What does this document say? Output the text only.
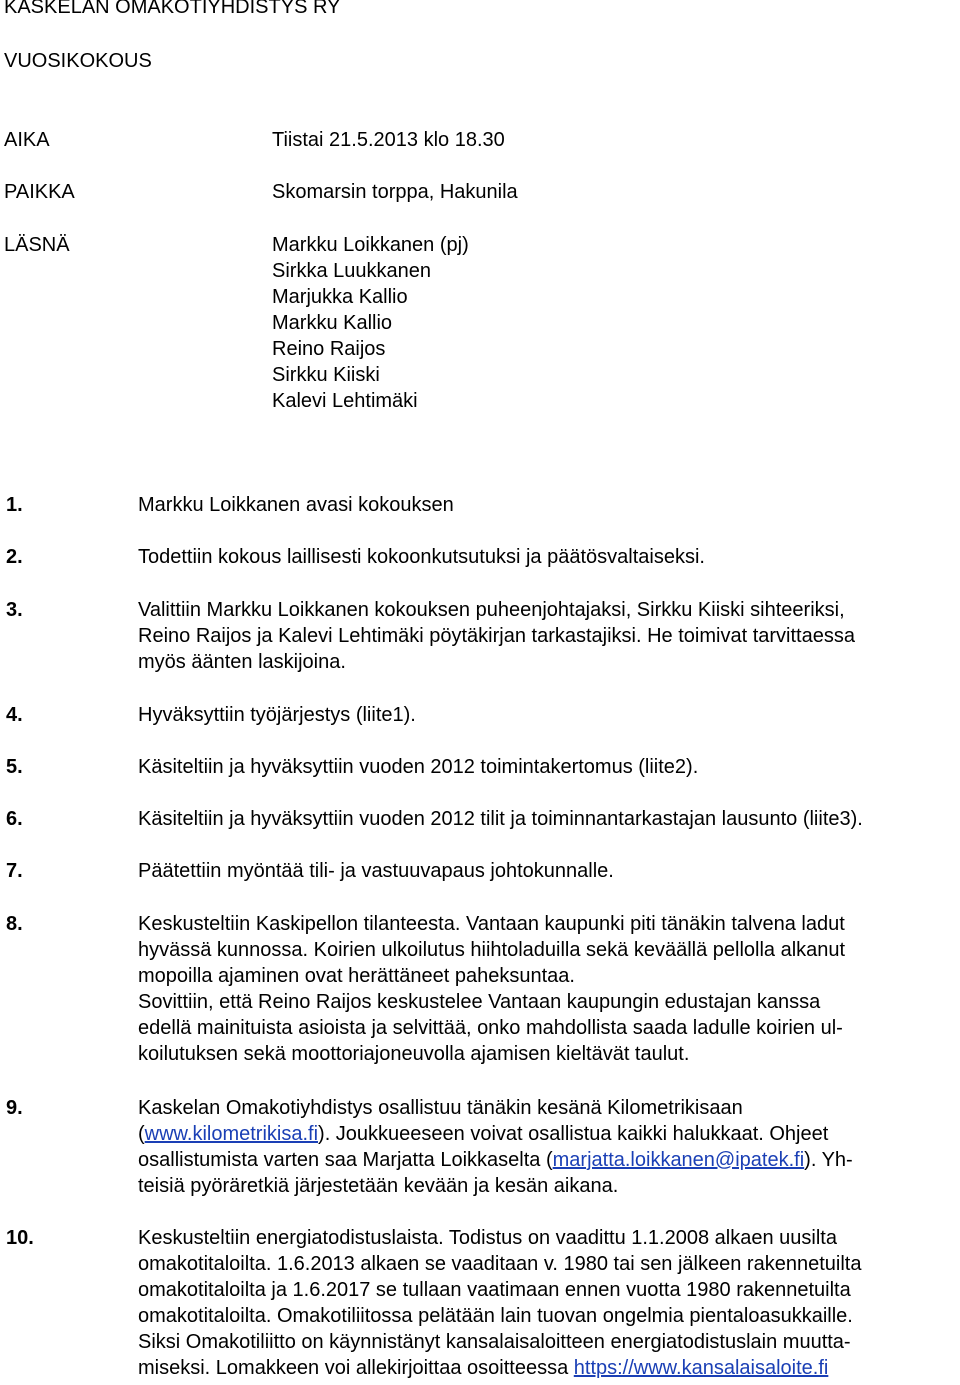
KASKELAN OMAKOTIYHDISTYS RY
VUOSIKOKOUS
AIKA	Tiistai 21.5.2013 klo 18.30
PAIKKA	Skomarsin torppa, Hakunila
LÄSNÄ	Markku Loikkanen (pj)
Sirkka Luukkanen
Marjukka Kallio
Markku Kallio
Reino Raijos
Sirkku Kiiski
Kalevi Lehtimäki
1.	Markku Loikkanen avasi kokouksen
2.	Todettiin kokous laillisesti kokoonkutsutuksi ja päätösvaltaiseksi.
3.	Valittiin Markku Loikkanen kokouksen puheenjohtajaksi, Sirkku Kiiski sihteeriksi,
Reino Raijos ja Kalevi Lehtimäki pöytäkirjan tarkastajiksi. He toimivat tarvittaessa
myös äänten laskijoina.
4.	Hyväksyttiin työjärjestys (liite1).
5.	Käsiteltiin ja hyväksyttiin vuoden 2012 toimintakertomus (liite2).
6.	Käsiteltiin ja hyväksyttiin vuoden 2012 tilit ja toiminnantarkastajan lausunto (liite3).
7.	Päätettiin myöntää tili- ja vastuuvapaus johtokunnalle.
8.	Keskusteltiin Kaskipellon tilanteesta. Vantaan kaupunki piti tänäkin talvena ladut
hyvässä kunnossa. Koirien ulkoilutus hiihtoladuilla sekä keväällä pellolla alkanut
mopoilla ajaminen ovat herättäneet paheksuntaa.
Sovittiin, että Reino Raijos keskustelee Vantaan kaupungin edustajan kanssa
edellä mainituista asioista ja selvittää, onko mahdollista saada ladulle koirien ul-
koilutuksen sekä moottoriajoneuvolla ajamisen kieltävät taulut.
9.	Kaskelan Omakotiyhdistys osallistuu tänäkin kesänä Kilometrikisaan
(www.kilometrikisa.fi). Joukkueeseen voivat osallistua kaikki halukkaat. Ohjeet
osallistumista varten saa Marjatta Loikkaselta (marjatta.loikkanen@ipatek.fi). Yh-
teisiä pyöräretkiä järjestetään kevään ja kesän aikana.
10.	Keskusteltiin energiatodistuslaista. Todistus on vaadittu 1.1.2008 alkaen uusilta
omakotitaloilta. 1.6.2013 alkaen se vaaditaan v. 1980 tai sen jälkeen rakennetuilta
omakotitaloilta ja 1.6.2017 se tullaan vaatimaan ennen vuotta 1980 rakennetuilta
omakotitaloilta. Omakotiliitossa pelätään lain tuovan ongelmia pientaloasukkaille.
Siksi Omakotiliitto on käynnistänyt kansalaisaloitteen energiatodistuslain muutta-
miseksi. Lomakkeen voi allekirjoittaa osoitteessa https://www.kansalaisaloite.fi
